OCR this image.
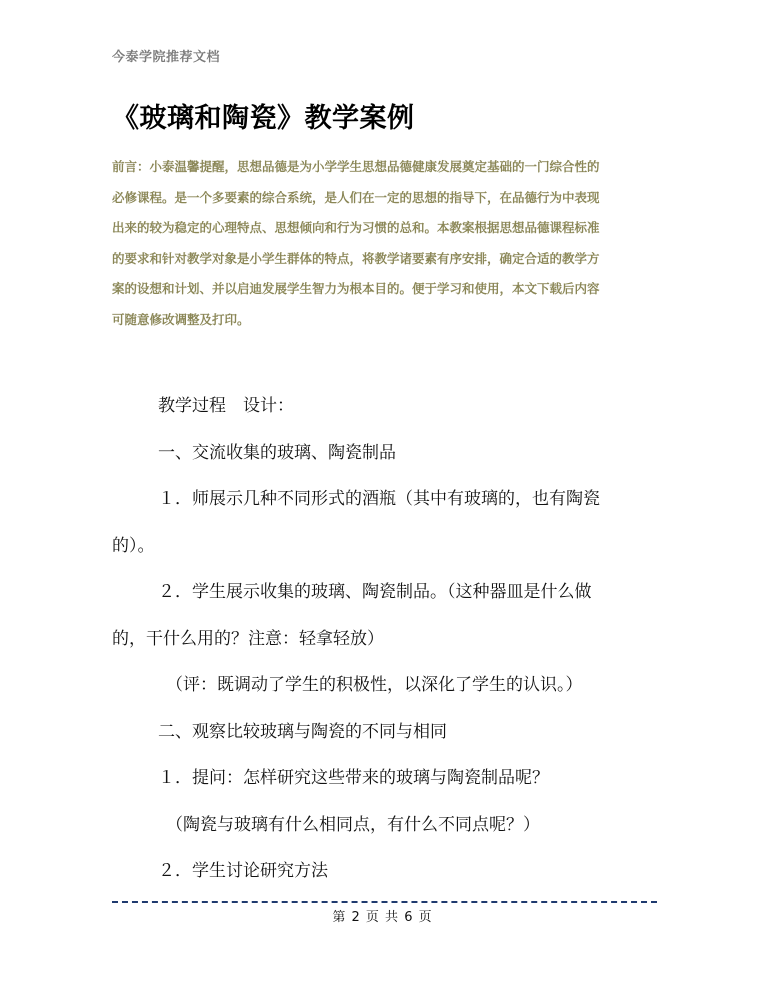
今泰学院推荐文档
《玻璃和陶瓷》教学案例
前言：小泰温馨提醒，思想品德是为小学学生思想品德健康发展奠定基础的一门综合性的
必修课程。是一个多要素的综合系统，是人们在一定的思想的指导下，在品德行为中表现
出来的较为稳定的心理特点、思想倾向和行为习惯的总和。本教案根据思想品德课程标准
的要求和针对教学对象是小学生群体的特点，将教学诸要素有序安排，确定合适的教学方
案的设想和计划、并以启迪发展学生智力为根本目的。便于学习和使用，本文下载后内容
可随意修改调整及打印。
教学过程　设计：
一、交流收集的玻璃、陶瓷制品
１．师展示几种不同形式的酒瓶（其中有玻璃的，也有陶瓷
的）。
２．学生展示收集的玻璃、陶瓷制品。（这种器皿是什么做
的，干什么用的？注意：轻拿轻放）
（评：既调动了学生的积极性，以深化了学生的认识。）
二、观察比较玻璃与陶瓷的不同与相同
１．提问：怎样研究这些带来的玻璃与陶瓷制品呢？
（陶瓷与玻璃有什么相同点，有什么不同点呢？）
２．学生讨论研究方法
第 2 页 共 6 页
